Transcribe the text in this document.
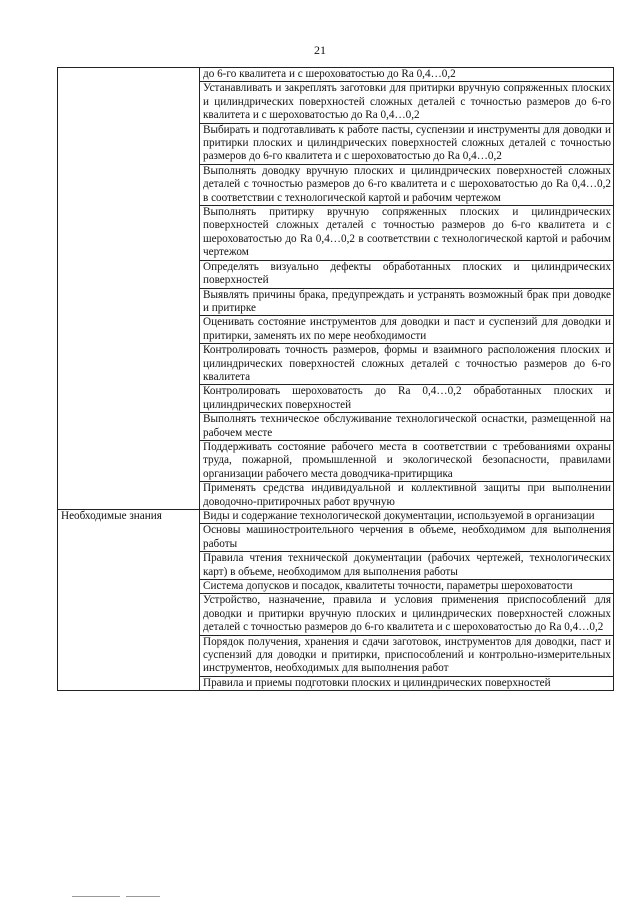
21
	до 6-го квалитета и с шероховатостью до Ra 0,4…0,2
	Устанавливать и закреплять заготовки для притирки вручную сопряженных плоских и цилиндрических поверхностей сложных деталей с точностью размеров до 6-го квалитета и с шероховатостью до Ra 0,4…0,2
	Выбирать и подготавливать к работе пасты, суспензии и инструменты для доводки и притирки плоских и цилиндрических поверхностей сложных деталей с точностью размеров до 6-го квалитета и с шероховатостью до Ra 0,4…0,2
	Выполнять доводку вручную плоских и цилиндрических поверхностей сложных деталей с точностью размеров до 6-го квалитета и с шероховатостью до Ra 0,4…0,2 в соответствии с технологической картой и рабочим чертежом
	Выполнять притирку вручную сопряженных плоских и цилиндрических поверхностей сложных деталей с точностью размеров до 6-го квалитета и с шероховатостью до Ra 0,4…0,2 в соответствии с технологической картой и рабочим чертежом
	Определять визуально дефекты обработанных плоских и цилиндрических поверхностей
	Выявлять причины брака, предупреждать и устранять возможный брак при доводке и притирке
	Оценивать состояние инструментов для доводки и паст и суспензий для доводки и притирки, заменять их по мере необходимости
	Контролировать точность размеров, формы и взаимного расположения плоских и цилиндрических поверхностей сложных деталей с точностью размеров до 6-го квалитета
	Контролировать шероховатость до Ra 0,4…0,2 обработанных плоских и цилиндрических поверхностей
	Выполнять техническое обслуживание технологической оснастки, размещенной на рабочем месте
	Поддерживать состояние рабочего места в соответствии с требованиями охраны труда, пожарной, промышленной и экологической безопасности, правилами организации рабочего места доводчика-притирщика
	Применять средства индивидуальной и коллективной защиты при выполнении доводочно-притирочных работ вручную
Необходимые знания	Виды и содержание технологической документации, используемой в организации
	Основы машиностроительного черчения в объеме, необходимом для выполнения работы
	Правила чтения технической документации (рабочих чертежей, технологических карт) в объеме, необходимом для выполнения работы
	Система допусков и посадок, квалитеты точности, параметры шероховатости
	Устройство, назначение, правила и условия применения приспособлений для доводки и притирки вручную плоских и цилиндрических поверхностей сложных деталей с точностью размеров до 6-го квалитета и с шероховатостью до Ra 0,4…0,2
	Порядок получения, хранения и сдачи заготовок, инструментов для доводки, паст и суспензий для доводки и притирки, приспособлений и контрольно-измерительных инструментов, необходимых для выполнения работ
	Правила и приемы подготовки плоских и цилиндрических поверхностей
